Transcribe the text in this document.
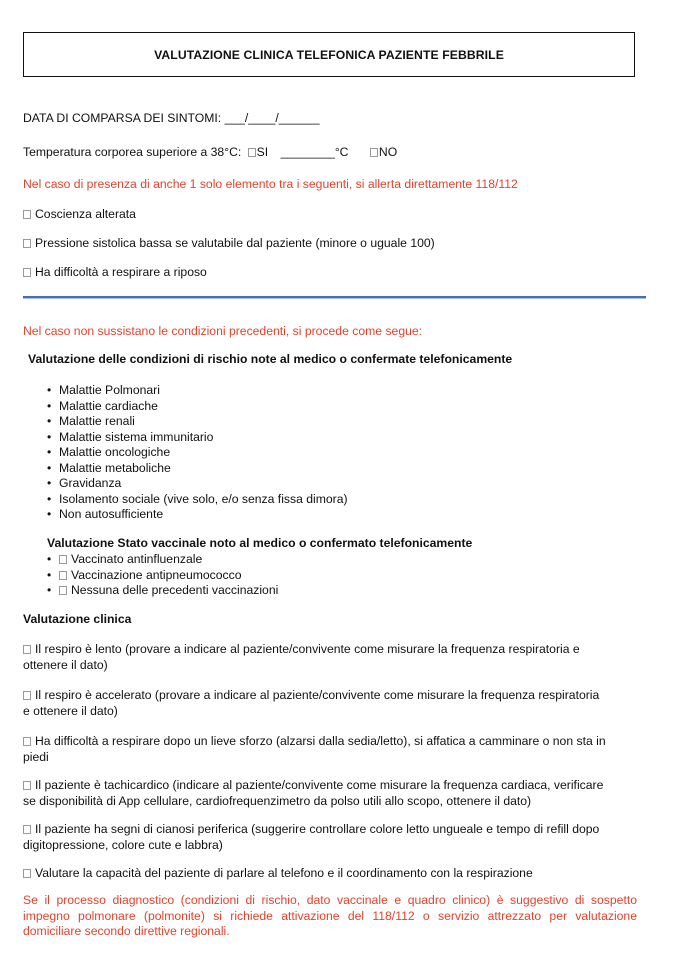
VALUTAZIONE CLINICA TELEFONICA PAZIENTE FEBBRILE
DATA DI COMPARSA DEI SINTOMI: ___/____/______
Temperatura corporea superiore a 38°C: SI ________°C NO
Nel caso di presenza di anche 1 solo elemento tra i seguenti, si allerta direttamente 118/112
Coscienza alterata
Pressione sistolica bassa se valutabile dal paziente (minore o uguale 100)
Ha difficoltà a respirare a riposo
Nel caso non sussistano le condizioni precedenti, si procede come segue:
Valutazione delle condizioni di rischio note al medico o confermate telefonicamente
• Malattie Polmonari
• Malattie cardiache
• Malattie renali
• Malattie sistema immunitario
• Malattie oncologiche
• Malattie metaboliche
• Gravidanza
• Isolamento sociale (vive solo, e/o senza fissa dimora)
• Non autosufficiente
Valutazione Stato vaccinale noto al medico o confermato telefonicamente
• Vaccinato antinfluenzale
• Vaccinazione antipneumococco
• Nessuna delle precedenti vaccinazioni
Valutazione clinica
Il respiro è lento (provare a indicare al paziente/convivente come misurare la frequenza respiratoria e
ottenere il dato)
Il respiro è accelerato (provare a indicare al paziente/convivente come misurare la frequenza respiratoria
e ottenere il dato)
Ha difficoltà a respirare dopo un lieve sforzo (alzarsi dalla sedia/letto), si affatica a camminare o non sta in
piedi
Il paziente è tachicardico (indicare al paziente/convivente come misurare la frequenza cardiaca, verificare
se disponibilità di App cellulare, cardiofrequenzimetro da polso utili allo scopo, ottenere il dato)
Il paziente ha segni di cianosi periferica (suggerire controllare colore letto ungueale e tempo di refill dopo
digitopressione, colore cute e labbra)
Valutare la capacità del paziente di parlare al telefono e il coordinamento con la respirazione
Se il processo diagnostico (condizioni di rischio, dato vaccinale e quadro clinico) è suggestivo di sospetto impegno polmonare (polmonite) si richiede attivazione del 118/112 o servizio attrezzato per valutazione domiciliare secondo direttive regionali.
